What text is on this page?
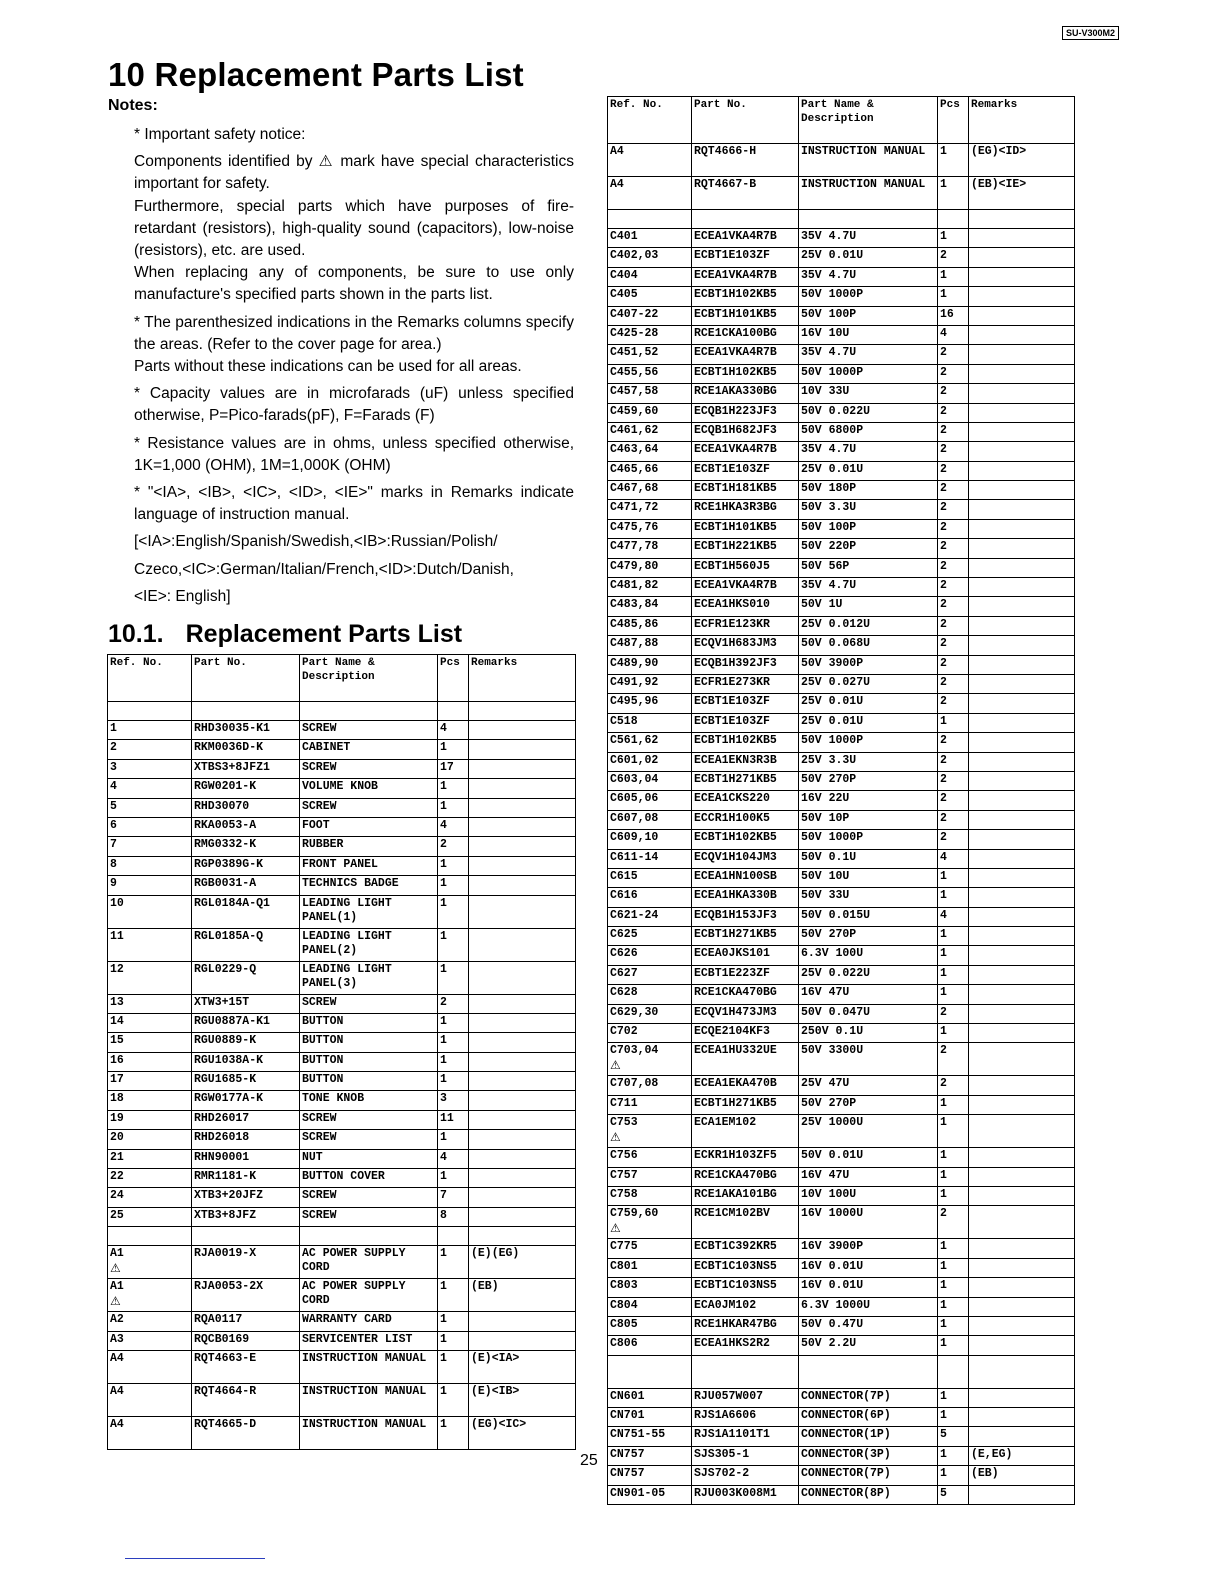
SU-V300M2
10 Replacement Parts List
Notes:

* Important safety notice:

Components identified by ⚠ mark have special characteristics important for safety.

Furthermore, special parts which have purposes of fire-retardant (resistors), high-quality sound (capacitors), low-noise (resistors), etc. are used.

When replacing any of components, be sure to use only manufacture's specified parts shown in the parts list.

* The parenthesized indications in the Remarks columns specify the areas. (Refer to the cover page for area.)

Parts without these indications can be used for all areas.

* Capacity values are in microfarads (uF) unless specified otherwise, P=Pico-farads(pF), F=Farads (F)

* Resistance values are in ohms, unless specified otherwise, 1K=1,000 (OHM), 1M=1,000K (OHM)

* "<IA>, <IB>, <IC>, <ID>, <IE>" marks in Remarks indicate language of instruction manual.

[<IA>:English/Spanish/Swedish,<IB>:Russian/Polish/

Czeco,<IC>:German/Italian/French,<ID>:Dutch/Danish,

<IE>: English]

10.1. Replacement Parts List
Ref. No.	Part No.	Part Name & Description	Pcs	Remarks

1	RHD30035-K1	SCREW	4	
2	RKM0036D-K	CABINET	1	
3	XTBS3+8JFZ1	SCREW	17	
4	RGW0201-K	VOLUME KNOB	1	
5	RHD30070	SCREW	1	
6	RKA0053-A	FOOT	4	
7	RMG0332-K	RUBBER	2	
8	RGP0389G-K	FRONT PANEL	1	
9	RGB0031-A	TECHNICS BADGE	1	
10	RGL0184A-Q1	LEADING LIGHT PANEL(1)	1	
11	RGL0185A-Q	LEADING LIGHT PANEL(2)	1	
12	RGL0229-Q	LEADING LIGHT PANEL(3)	1	
13	XTW3+15T	SCREW	2	
14	RGU0887A-K1	BUTTON	1	
15	RGU0889-K	BUTTON	1	
16	RGU1038A-K	BUTTON	1	
17	RGU1685-K	BUTTON	1	
18	RGW0177A-K	TONE KNOB	3	
19	RHD26017	SCREW	11	
20	RHD26018	SCREW	1	
21	RHN90001	NUT	4	
22	RMR1181-K	BUTTON COVER	1	
24	XTB3+20JFZ	SCREW	7	
25	XTB3+8JFZ	SCREW	8	

A1
⚠	RJA0019-X	AC POWER SUPPLY CORD	1	(E)(EG)
A1
⚠	RJA0053-2X	AC POWER SUPPLY CORD	1	(EB)
A2	RQA0117	WARRANTY CARD	1	
A3	RQCB0169	SERVICENTER LIST	1	
A4	RQT4663-E	INSTRUCTION MANUAL	1	(E)<IA>
A4	RQT4664-R	INSTRUCTION MANUAL	1	(E)<IB>
A4	RQT4665-D	INSTRUCTION MANUAL	1	(EG)<IC>
Ref. No.	Part No.	Part Name & Description	Pcs	Remarks
A4	RQT4666-H	INSTRUCTION MANUAL	1	(EG)<ID>
A4	RQT4667-B	INSTRUCTION MANUAL	1	(EB)<IE>

C401	ECEA1VKA4R7B	35V 4.7U	1	
C402,03	ECBT1E103ZF	25V 0.01U	2	
C404	ECEA1VKA4R7B	35V 4.7U	1	
C405	ECBT1H102KB5	50V 1000P	1	
C407-22	ECBT1H101KB5	50V 100P	16	
C425-28	RCE1CKA100BG	16V 10U	4	
C451,52	ECEA1VKA4R7B	35V 4.7U	2	
C455,56	ECBT1H102KB5	50V 1000P	2	
C457,58	RCE1AKA330BG	10V 33U	2	
C459,60	ECQB1H223JF3	50V 0.022U	2	
C461,62	ECQB1H682JF3	50V 6800P	2	
C463,64	ECEA1VKA4R7B	35V 4.7U	2	
C465,66	ECBT1E103ZF	25V 0.01U	2	
C467,68	ECBT1H181KB5	50V 180P	2	
C471,72	RCE1HKA3R3BG	50V 3.3U	2	
C475,76	ECBT1H101KB5	50V 100P	2	
C477,78	ECBT1H221KB5	50V 220P	2	
C479,80	ECBT1H560J5	50V 56P	2	
C481,82	ECEA1VKA4R7B	35V 4.7U	2	
C483,84	ECEA1HKS010	50V 1U	2	
C485,86	ECFR1E123KR	25V 0.012U	2	
C487,88	ECQV1H683JM3	50V 0.068U	2	
C489,90	ECQB1H392JF3	50V 3900P	2	
C491,92	ECFR1E273KR	25V 0.027U	2	
C495,96	ECBT1E103ZF	25V 0.01U	2	
C518	ECBT1E103ZF	25V 0.01U	1	
C561,62	ECBT1H102KB5	50V 1000P	2	
C601,02	ECEA1EKN3R3B	25V 3.3U	2	
C603,04	ECBT1H271KB5	50V 270P	2	
C605,06	ECEA1CKS220	16V 22U	2	
C607,08	ECCR1H100K5	50V 10P	2	
C609,10	ECBT1H102KB5	50V 1000P	2	
C611-14	ECQV1H104JM3	50V 0.1U	4	
C615	ECEA1HN100SB	50V 10U	1	
C616	ECEA1HKA330B	50V 33U	1	
C621-24	ECQB1H153JF3	50V 0.015U	4	
C625	ECBT1H271KB5	50V 270P	1	
C626	ECEA0JKS101	6.3V 100U	1	
C627	ECBT1E223ZF	25V 0.022U	1	
C628	RCE1CKA470BG	16V 47U	1	
C629,30	ECQV1H473JM3	50V 0.047U	2	
C702	ECQE2104KF3	250V 0.1U	1	
C703,04
⚠	ECEA1HU332UE	50V 3300U	2	
C707,08	ECEA1EKA470B	25V 47U	2	
C711	ECBT1H271KB5	50V 270P	1	
C753
⚠	ECA1EM102	25V 1000U	1	
C756	ECKR1H103ZF5	50V 0.01U	1	
C757	RCE1CKA470BG	16V 47U	1	
C758	RCE1AKA101BG	10V 100U	1	
C759,60
⚠	RCE1CM102BV	16V 1000U	2	
C775	ECBT1C392KR5	16V 3900P	1	
C801	ECBT1C103NS5	16V 0.01U	1	
C803	ECBT1C103NS5	16V 0.01U	1	
C804	ECA0JM102	6.3V 1000U	1	
C805	RCE1HKAR47BG	50V 0.47U	1	
C806	ECEA1HKS2R2	50V 2.2U	1	

CN601	RJU057W007	CONNECTOR(7P)	1	
CN701	RJS1A6606	CONNECTOR(6P)	1	
CN751-55	RJS1A1101T1	CONNECTOR(1P)	5	
CN757	SJS305-1	CONNECTOR(3P)	1	(E,EG)
CN757	SJS702-2	CONNECTOR(7P)	1	(EB)
CN901-05	RJU003K008M1	CONNECTOR(8P)	5	
25
